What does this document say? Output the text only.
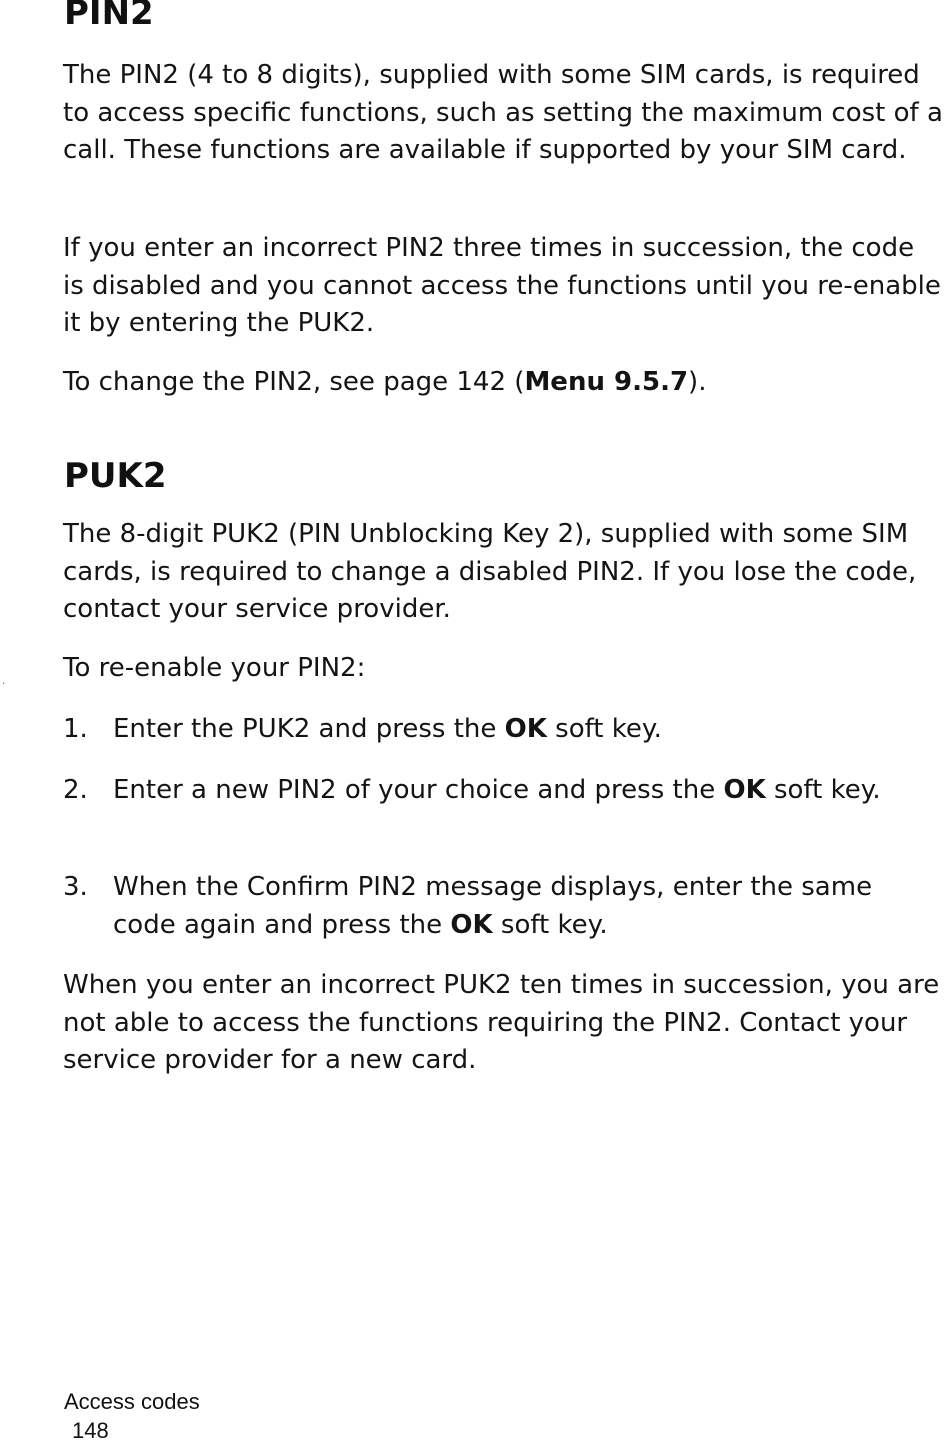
PIN2

The PIN2 (4 to 8 digits), supplied with some SIM cards, is required to access specific functions, such as setting the maximum cost of a call. These functions are available if supported by your SIM card.

If you enter an incorrect PIN2 three times in succession, the code is disabled and you cannot access the functions until you re-enable it by entering the PUK2.

To change the PIN2, see page 142 (Menu 9.5.7).

PUK2

The 8-digit PUK2 (PIN Unblocking Key 2), supplied with some SIM cards, is required to change a disabled PIN2. If you lose the code, contact your service provider.

. To re-enable your PIN2:

1. Enter the PUK2 and press the OK soft key.
2. Enter a new PIN2 of your choice and press the OK soft key.
3. When the Confirm PIN2 message displays, enter the same code again and press the OK soft key.

When you enter an incorrect PUK2 ten times in succession, you are not able to access the functions requiring the PIN2. Contact your service provider for a new card.

Access codes
148
